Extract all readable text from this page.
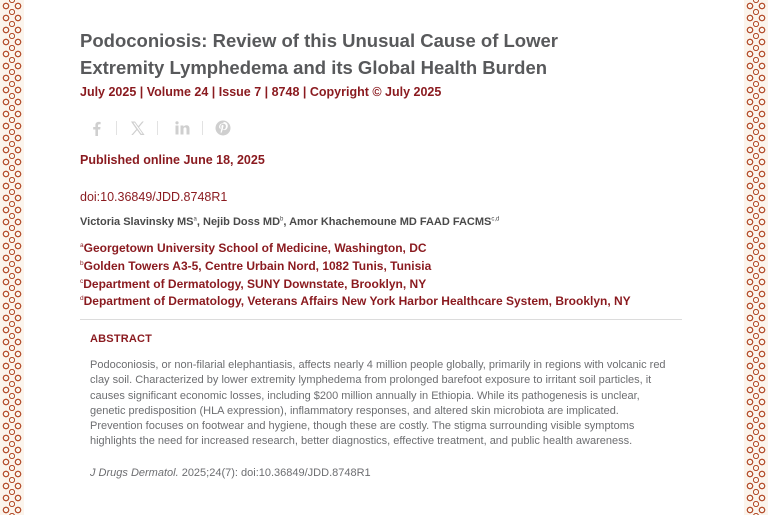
Podoconiosis: Review of this Unusual Cause of Lower Extremity Lymphedema and its Global Health Burden
July 2025 | Volume 24 | Issue 7 | 8748 | Copyright © July 2025
Published online June 18, 2025
doi:10.36849/JDD.8748R1
Victoria Slavinsky $MS^a$, Nejib Doss $MD^b$, Amor Khachemoune MD FAAD FACMS$^{c,d}$
$^a$Georgetown University School of Medicine, Washington, DC
$^b$Golden Towers A3-5, Centre Urbain Nord, 1082 Tunis, Tunisia
$^c$Department of Dermatology, SUNY Downstate, Brooklyn, NY
$^d$Department of Dermatology, Veterans Affairs New York Harbor Healthcare System, Brooklyn, NY
ABSTRACT

Podoconiosis, or non-filarial elephantiasis, affects nearly 4 million people globally, primarily in regions with volcanic red clay soil. Characterized by lower extremity lymphedema from prolonged barefoot exposure to irritant soil particles, it causes significant economic losses, including $200 million annually in Ethiopia. While its pathogenesis is unclear, genetic predisposition (HLA expression), inflammatory responses, and altered skin microbiota are implicated. Prevention focuses on footwear and hygiene, though these are costly. The stigma surrounding visible symptoms highlights the need for increased research, better diagnostics, effective treatment, and public health awareness.

J Drugs Dermatol. 2025;24(7): doi:10.36849/JDD.8748R1
